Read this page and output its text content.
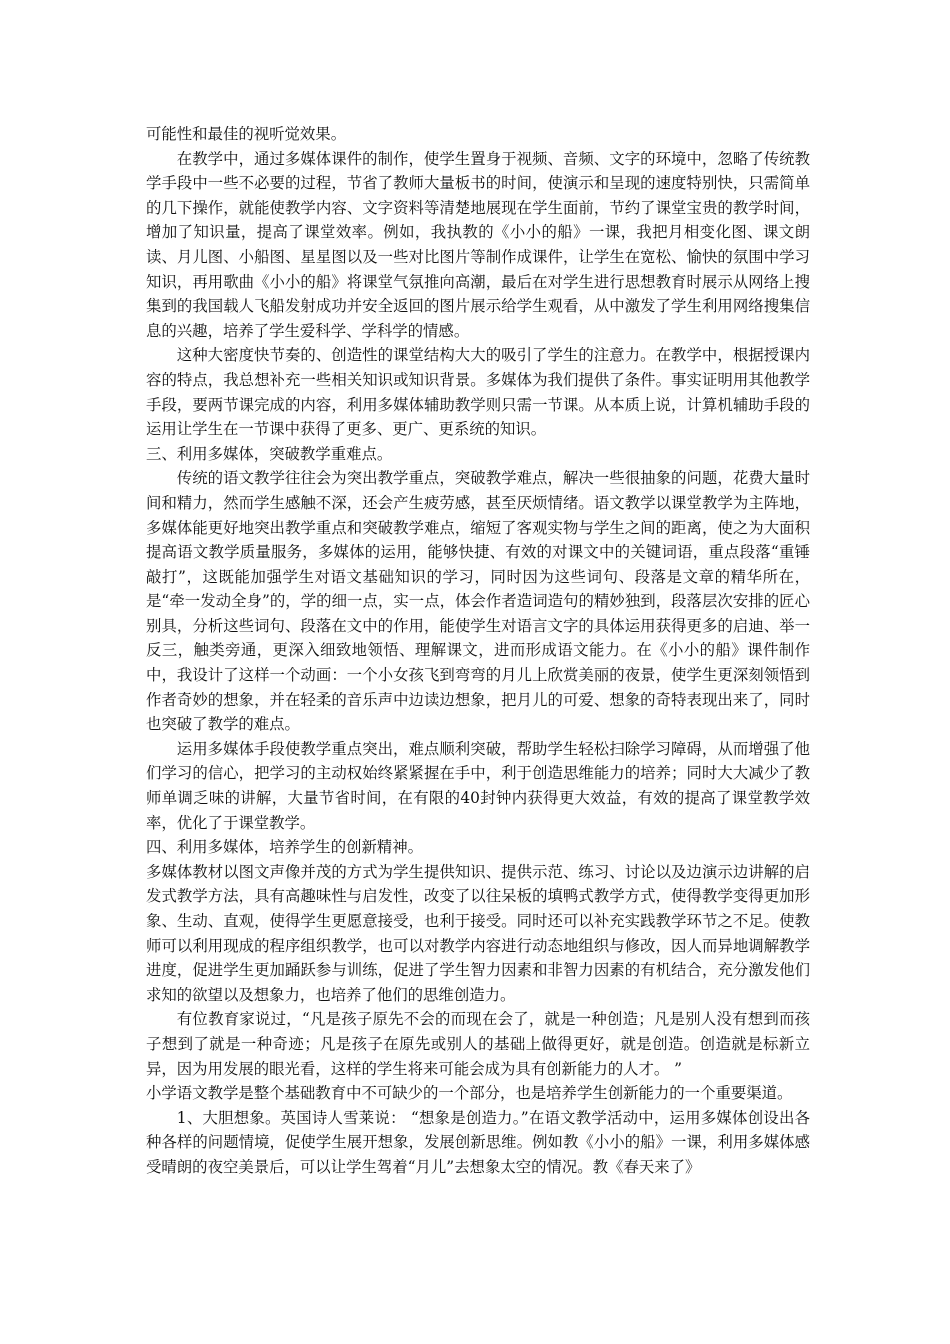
可能性和最佳的视听觉效果。

在教学中，通过多媒体课件的制作，使学生置身于视频、音频、文字的环境中，忽略了传统教学手段中一些不必要的过程，节省了教师大量板书的时间，使演示和呈现的速度特别快，只需简单的几下操作，就能使教学内容、文字资料等清楚地展现在学生面前，节约了课堂宝贵的教学时间，增加了知识量，提高了课堂效率。例如，我执教的《小小的船》一课，我把月相变化图、课文朗读、月儿图、小船图、星星图以及一些对比图片等制作成课件，让学生在宽松、愉快的氛围中学习知识，再用歌曲《小小的船》将课堂气氛推向高潮，最后在对学生进行思想教育时展示从网络上搜集到的我国载人飞船发射成功并安全返回的图片展示给学生观看，从中激发了学生利用网络搜集信息的兴趣，培养了学生爱科学、学科学的情感。

这种大密度快节奏的、创造性的课堂结构大大的吸引了学生的注意力。在教学中，根据授课内容的特点，我总想补充一些相关知识或知识背景。多媒体为我们提供了条件。事实证明用其他教学手段，要两节课完成的内容，利用多媒体辅助教学则只需一节课。从本质上说，计算机辅助手段的运用让学生在一节课中获得了更多、更广、更系统的知识。

三、利用多媒体，突破教学重难点。

传统的语文教学往往会为突出教学重点，突破教学难点，解决一些很抽象的问题，花费大量时间和精力，然而学生感触不深，还会产生疲劳感，甚至厌烦情绪。语文教学以课堂教学为主阵地，多媒体能更好地突出教学重点和突破教学难点，缩短了客观实物与学生之间的距离，使之为大面积提高语文教学质量服务，多媒体的运用，能够快捷、有效的对课文中的关键词语，重点段落“重锤敲打”，这既能加强学生对语文基础知识的学习，同时因为这些词句、段落是文章的精华所在，是“牵一发动全身”的，学的细一点，实一点，体会作者造词造句的精妙独到，段落层次安排的匠心别具，分析这些词句、段落在文中的作用，能使学生对语言文字的具体运用获得更多的启迪、举一反三，触类旁通，更深入细致地领悟、理解课文，进而形成语文能力。在《小小的船》课件制作中，我设计了这样一个动画：一个小女孩飞到弯弯的月儿上欣赏美丽的夜景，使学生更深刻领悟到作者奇妙的想象，并在轻柔的音乐声中边读边想象，把月儿的可爱、想象的奇特表现出来了，同时也突破了教学的难点。

运用多媒体手段使教学重点突出，难点顺利突破，帮助学生轻松扫除学习障碍，从而增强了他们学习的信心，把学习的主动权始终紧紧握在手中，利于创造思维能力的培养；同时大大减少了教师单调乏味的讲解，大量节省时间，在有限的40封钟内获得更大效益，有效的提高了课堂教学效率，优化了于课堂教学。

四、利用多媒体，培养学生的创新精神。

多媒体教材以图文声像并茂的方式为学生提供知识、提供示范、练习、讨论以及边演示边讲解的启发式教学方法，具有高趣味性与启发性，改变了以往呆板的填鸭式教学方式，使得教学变得更加形象、生动、直观，使得学生更愿意接受，也利于接受。同时还可以补充实践教学环节之不足。使教师可以利用现成的程序组织教学，也可以对教学内容进行动态地组织与修改，因人而异地调解教学进度，促进学生更加踊跃参与训练，促进了学生智力因素和非智力因素的有机结合，充分激发他们求知的欲望以及想象力，也培养了他们的思维创造力。

有位教育家说过，“凡是孩子原先不会的而现在会了，就是一种创造；凡是别人没有想到而孩子想到了就是一种奇迹；凡是孩子在原先或别人的基础上做得更好，就是创造。创造就是标新立异，因为用发展的眼光看，这样的学生将来可能会成为具有创新能力的人才。 ”

小学语文教学是整个基础教育中不可缺少的一个部分，也是培养学生创新能力的一个重要渠道。

1、大胆想象。英国诗人雪莱说： “想象是创造力。”在语文教学活动中，运用多媒体创设出各种各样的问题情境，促使学生展开想象，发展创新思维。例如教《小小的船》一课，利用多媒体感受晴朗的夜空美景后，可以让学生驾着“月儿”去想象太空的情况。教《春天来了》
